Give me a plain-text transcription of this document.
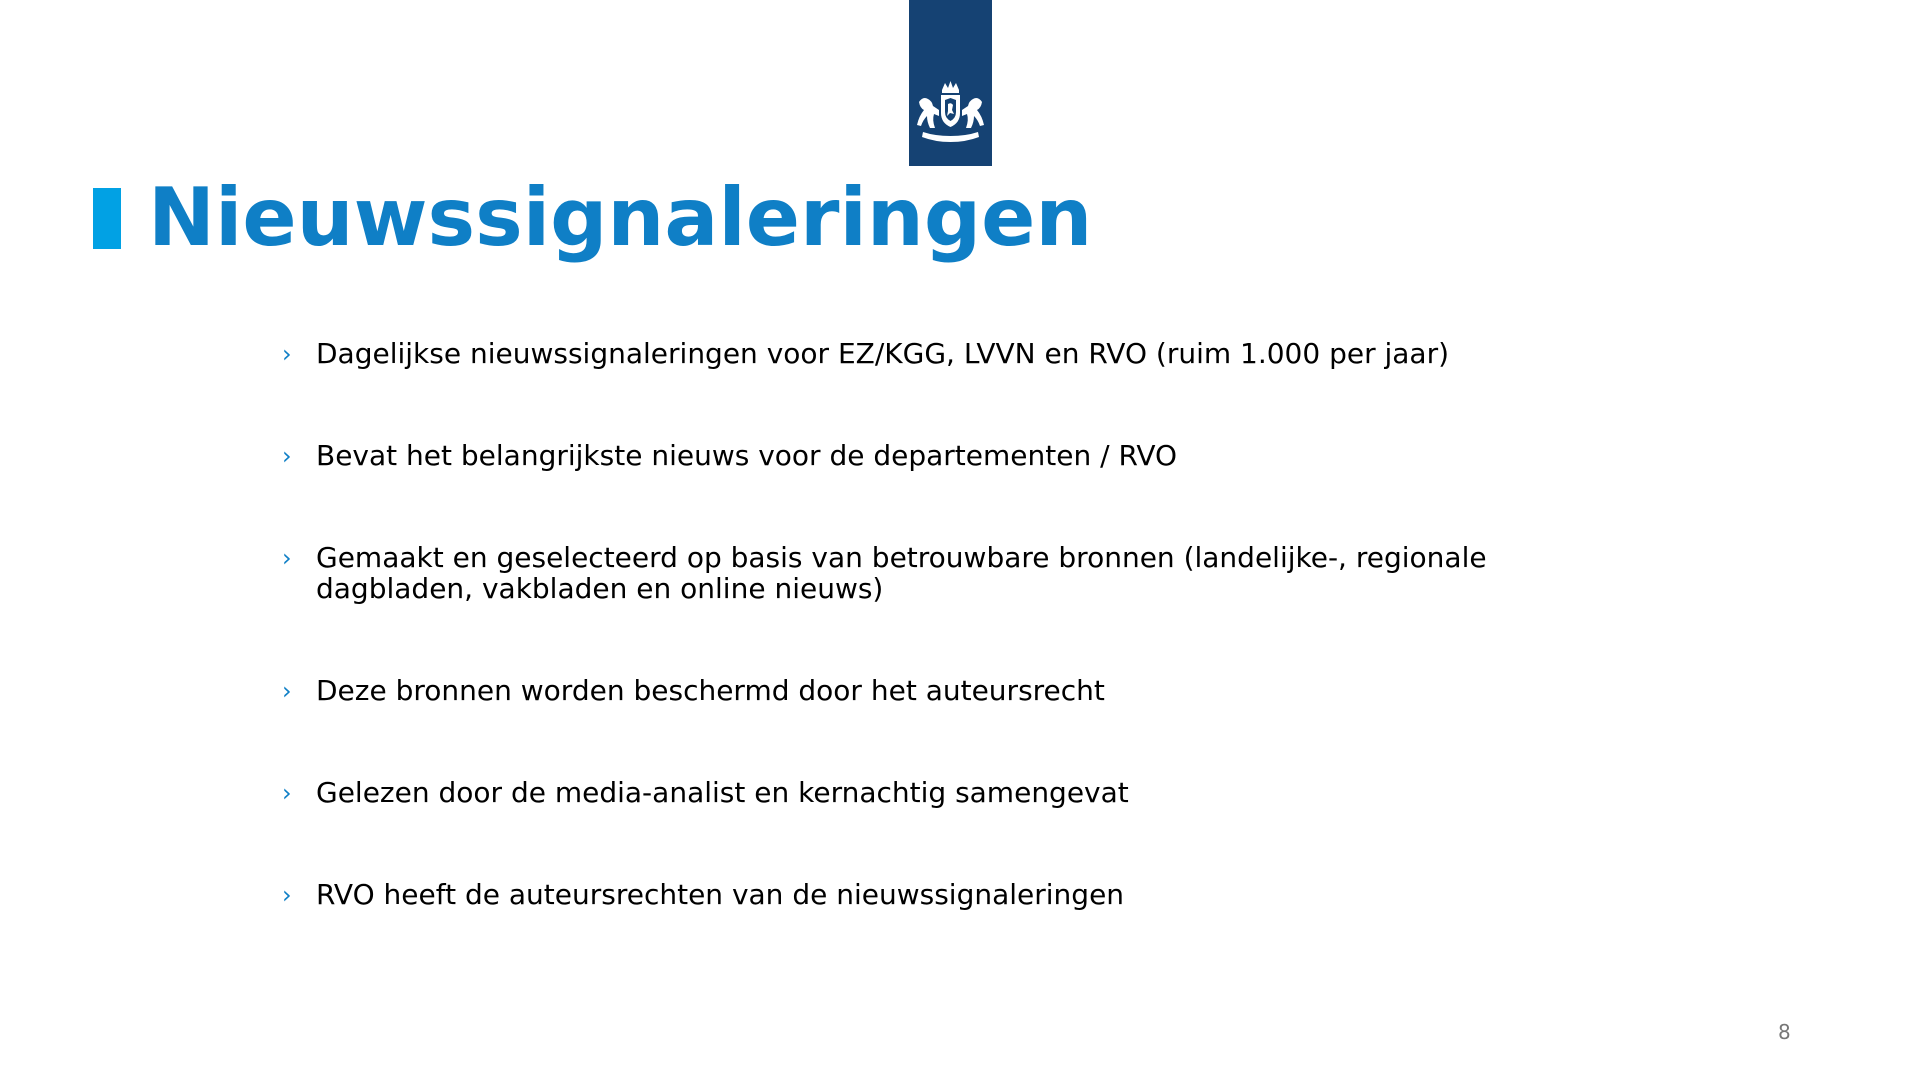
Nieuwssignaleringen
› Dagelijkse nieuwssignaleringen voor EZ/KGG, LVVN en RVO (ruim 1.000 per jaar)
› Bevat het belangrijkste nieuws voor de departementen / RVO
› Gemaakt en geselecteerd op basis van betrouwbare bronnen (landelijke-, regionale dagbladen, vakbladen en online nieuws)
› Deze bronnen worden beschermd door het auteursrecht
› Gelezen door de media-analist en kernachtig samengevat
› RVO heeft de auteursrechten van de nieuwssignaleringen
8
